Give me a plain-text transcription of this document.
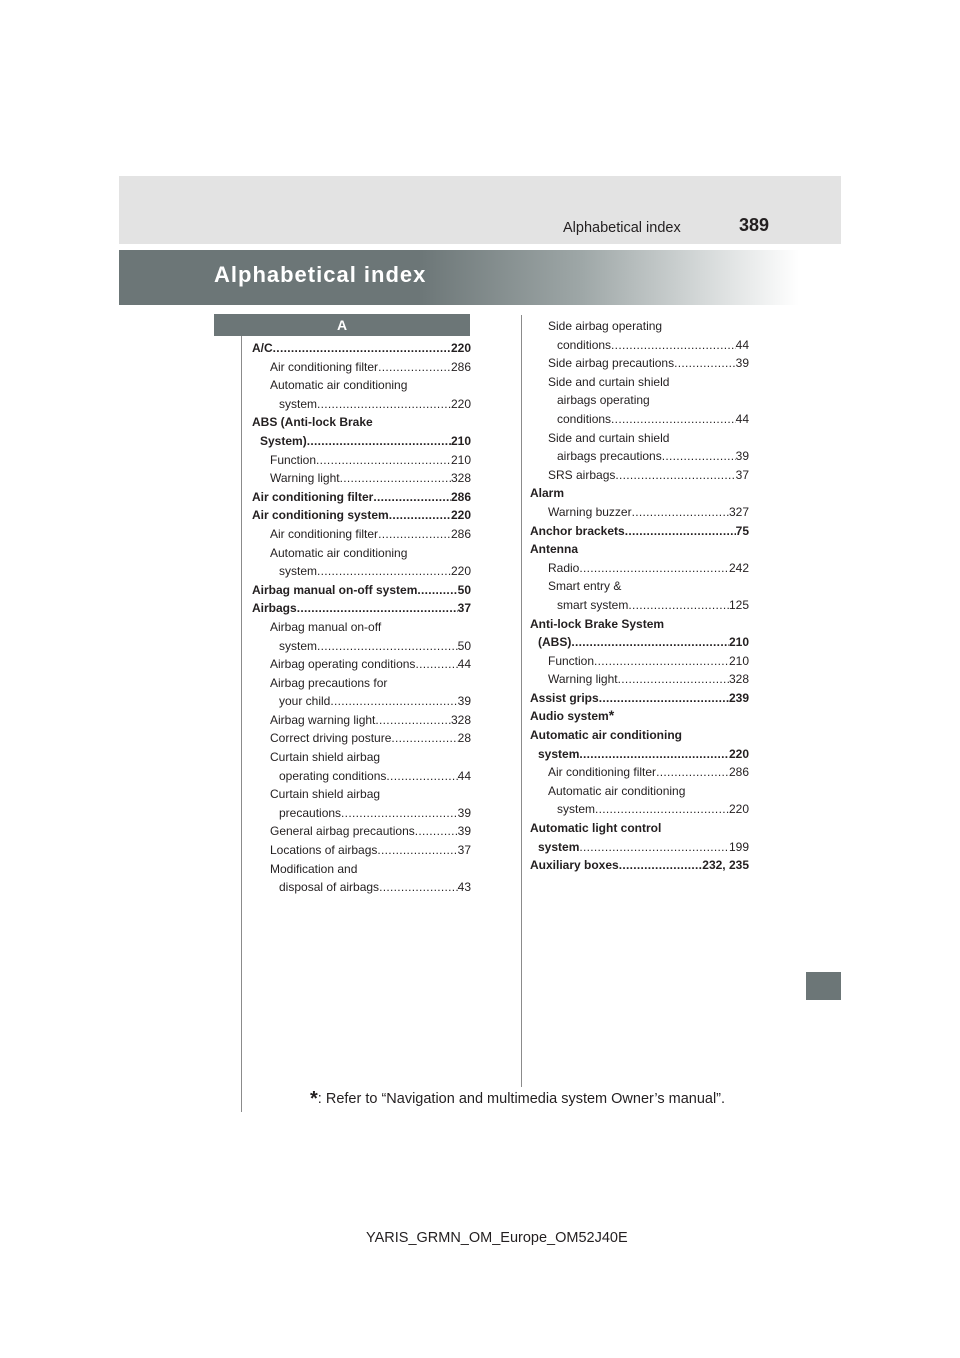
Alphabetical index	389
Alphabetical index
A
A/C .....	220
Air conditioning filter .....	286
Automatic air conditioning
system .....	220
ABS (Anti-lock Brake
System) .....	210
Function .....	210
Warning light .....	328
Air conditioning filter .....	286
Air conditioning system .....	220
Air conditioning filter .....	286
Automatic air conditioning
system .....	220
Airbag manual on-off system .....	50
Airbags .....	37
Airbag manual on-off
system .....	50
Airbag operating conditions .....	44
Airbag precautions for
your child .....	39
Airbag warning light .....	328
Correct driving posture .....	28
Curtain shield airbag
operating conditions .....	44
Curtain shield airbag
precautions .....	39
General airbag precautions .....	39
Locations of airbags .....	37
Modification and
disposal of airbags .....	43
Side airbag operating
conditions .....	44
Side airbag precautions .....	39
Side and curtain shield
airbags operating
conditions .....	44
Side and curtain shield
airbags precautions .....	39
SRS airbags .....	37
Alarm
Warning buzzer .....	327
Anchor brackets .....	75
Antenna
Radio .....	242
Smart entry &
smart system .....	125
Anti-lock Brake System
(ABS) .....	210
Function .....	210
Warning light .....	328
Assist grips .....	239
Audio system *
Automatic air conditioning
system .....	220
Air conditioning filter .....	286
Automatic air conditioning
system .....	220
Automatic light control
system .....	199
Auxiliary boxes .....	232, 235
*: Refer to “Navigation and multimedia system Owner’s manual”.
YARIS_GRMN_OM_Europe_OM52J40E
